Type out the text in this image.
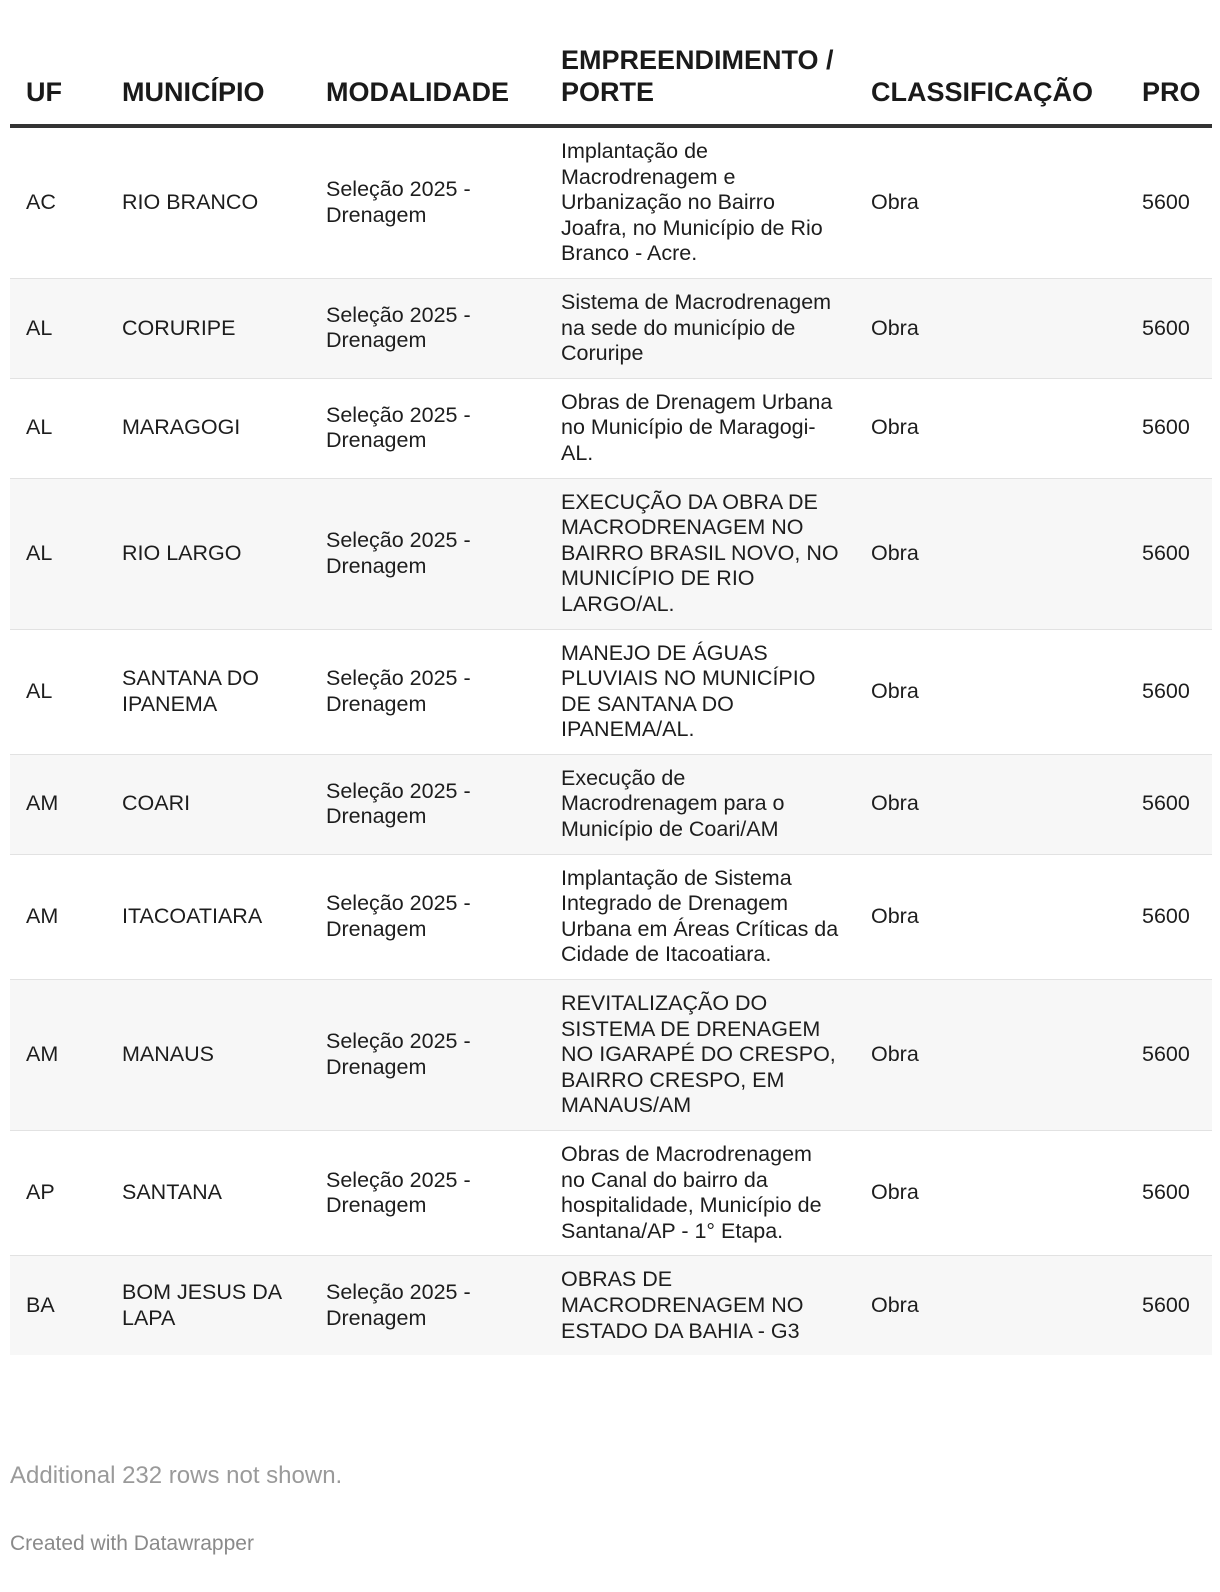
UF	MUNICÍPIO	MODALIDADE	EMPREENDIMENTO / PORTE	CLASSIFICAÇÃO	PRO
AC	RIO BRANCO	Seleção 2025 - Drenagem	Implantação de Macrodrenagem e Urbanização no Bairro Joafra, no Município de Rio Branco - Acre.	Obra	5600
AL	CORURIPE	Seleção 2025 - Drenagem	Sistema de Macrodrenagem na sede do município de Coruripe	Obra	5600
AL	MARAGOGI	Seleção 2025 - Drenagem	Obras de Drenagem Urbana no Município de Maragogi-AL.	Obra	5600
AL	RIO LARGO	Seleção 2025 - Drenagem	EXECUÇÃO DA OBRA DE MACRODRENAGEM NO BAIRRO BRASIL NOVO, NO MUNICÍPIO DE RIO LARGO/AL.	Obra	5600
AL	SANTANA DO IPANEMA	Seleção 2025 - Drenagem	MANEJO DE ÁGUAS PLUVIAIS NO MUNICÍPIO DE SANTANA DO IPANEMA/AL.	Obra	5600
AM	COARI	Seleção 2025 - Drenagem	Execução de Macrodrenagem para o Município de Coari/AM	Obra	5600
AM	ITACOATIARA	Seleção 2025 - Drenagem	Implantação de Sistema Integrado de Drenagem Urbana em Áreas Críticas da Cidade de Itacoatiara.	Obra	5600
AM	MANAUS	Seleção 2025 - Drenagem	REVITALIZAÇÃO DO SISTEMA DE DRENAGEM NO IGARAPÉ DO CRESPO, BAIRRO CRESPO, EM MANAUS/AM	Obra	5600
AP	SANTANA	Seleção 2025 - Drenagem	Obras de Macrodrenagem no Canal do bairro da hospitalidade, Município de Santana/AP - 1° Etapa.	Obra	5600
BA	BOM JESUS DA LAPA	Seleção 2025 - Drenagem	OBRAS DE MACRODRENAGEM NO ESTADO DA BAHIA - G3	Obra	5600
Additional 232 rows not shown.
Created with Datawrapper
